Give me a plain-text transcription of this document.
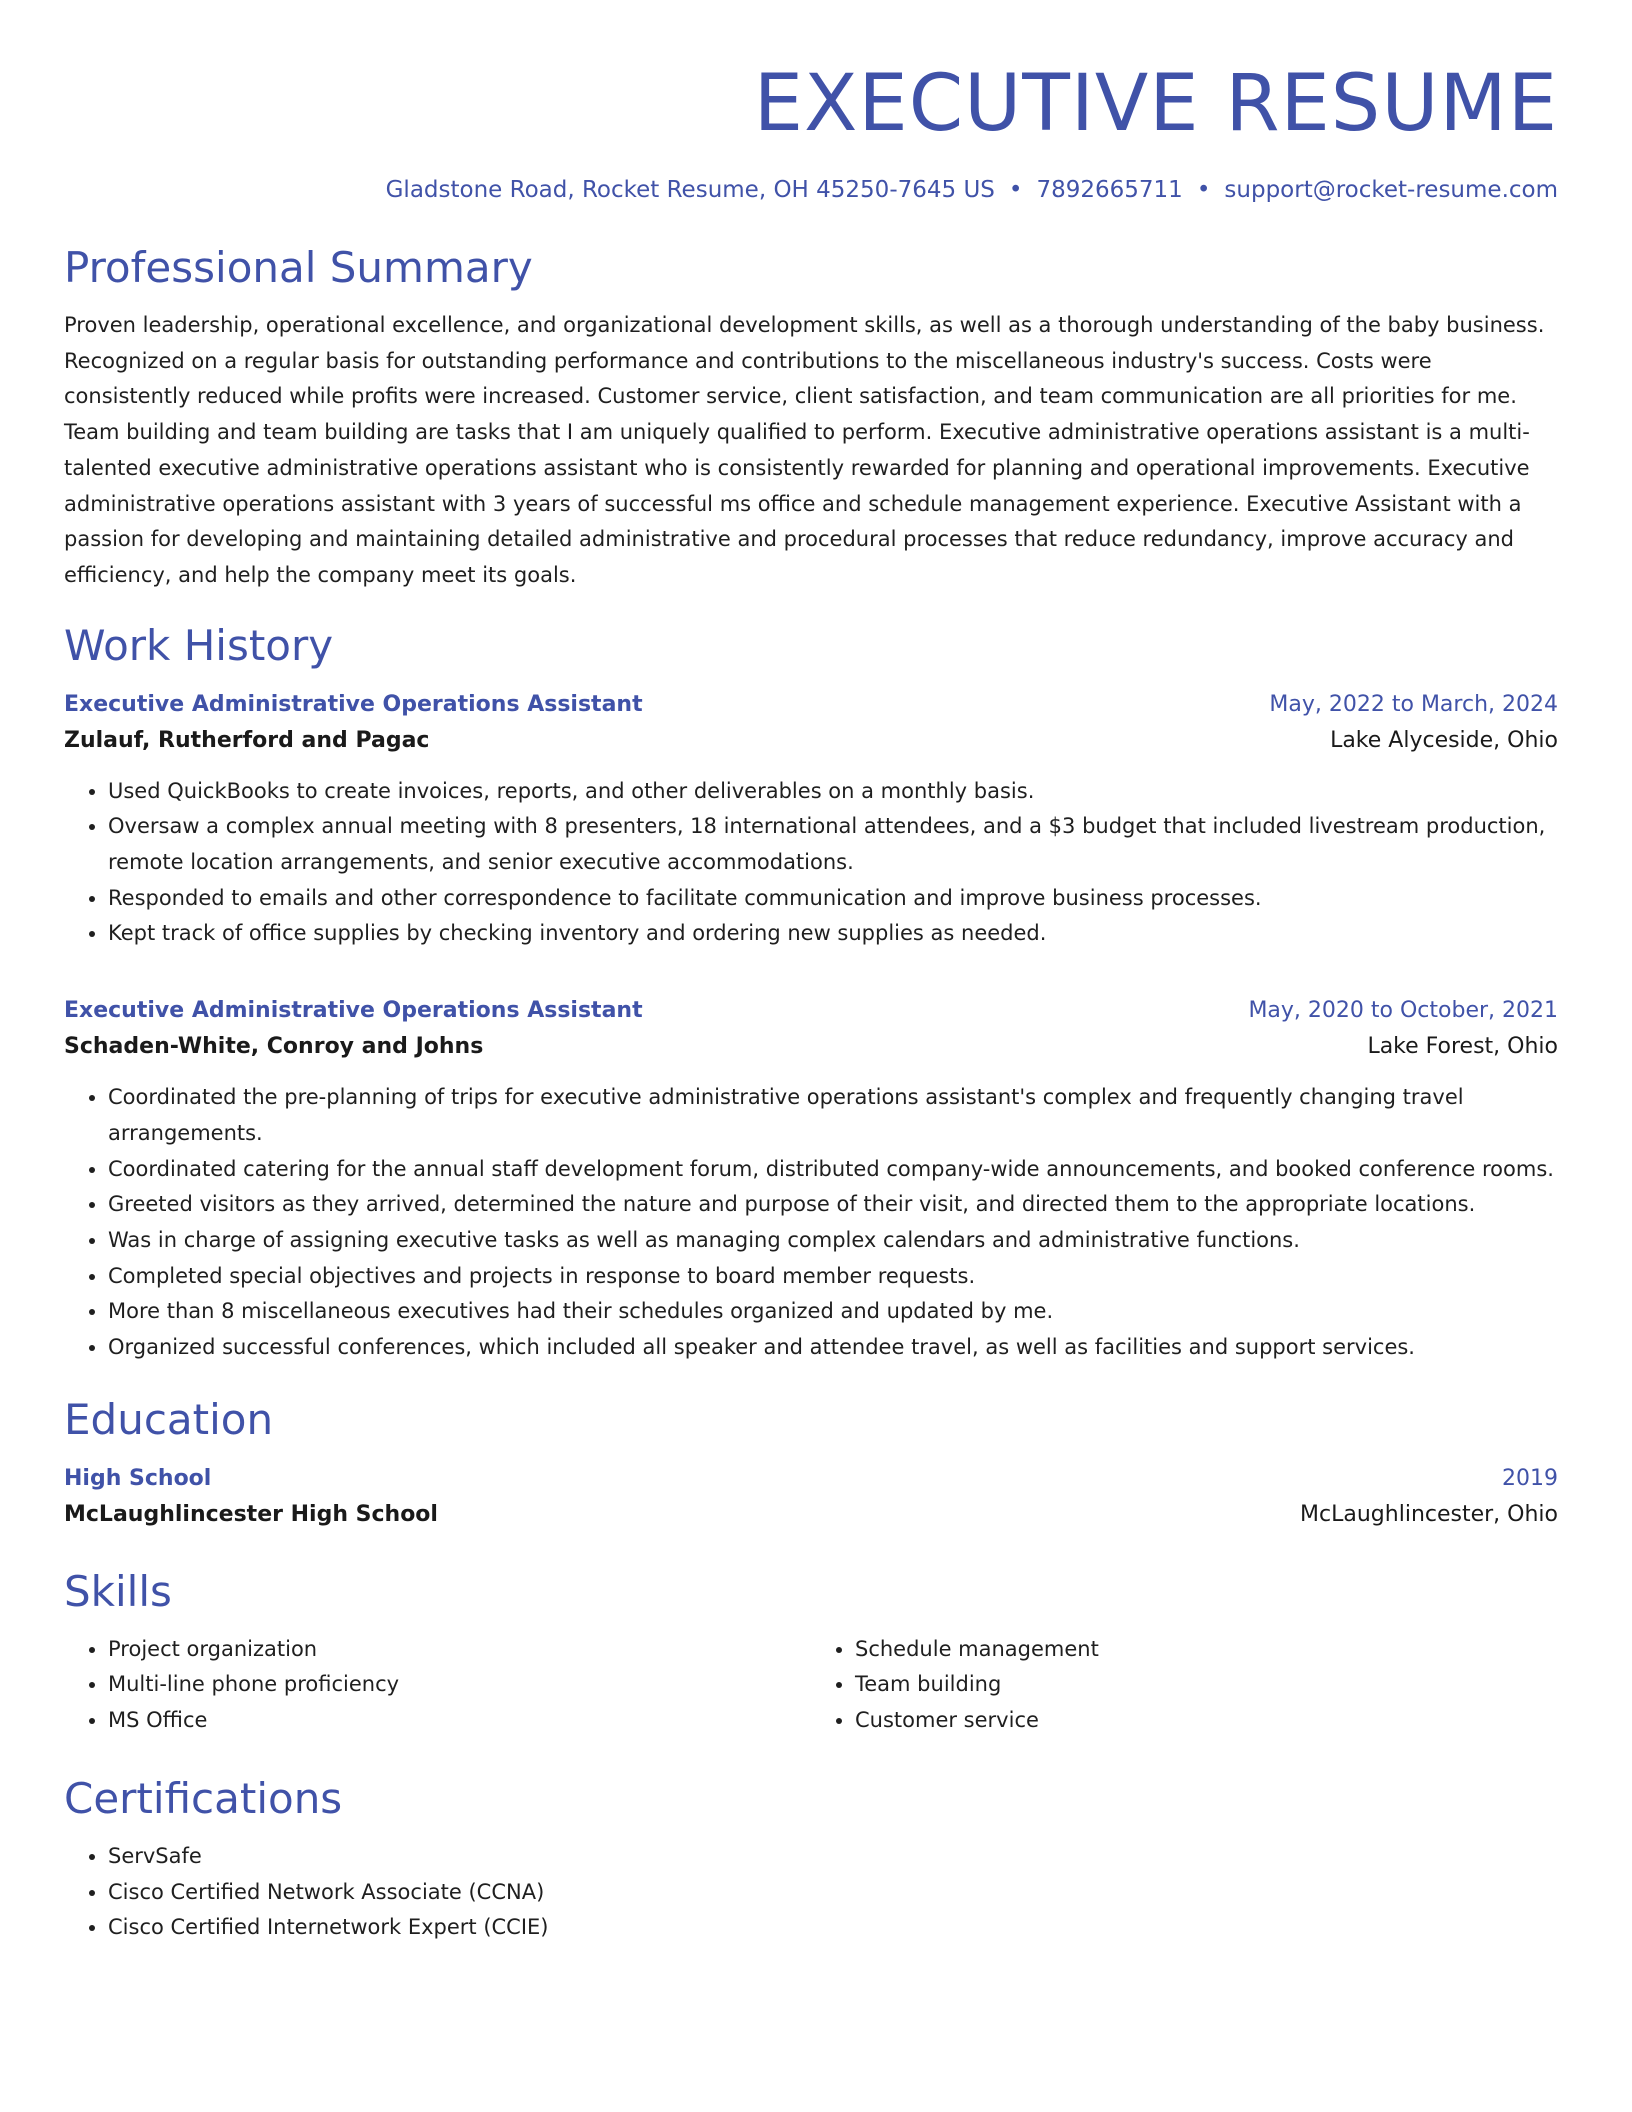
EXECUTIVE RESUME
Gladstone Road, Rocket Resume, OH 45250-7645 US • 7892665711 • support@rocket-resume.com
Professional Summary
Proven leadership, operational excellence, and organizational development skills, as well as a thorough understanding of the baby business. Recognized on a regular basis for outstanding performance and contributions to the miscellaneous industry's success. Costs were consistently reduced while profits were increased. Customer service, client satisfaction, and team communication are all priorities for me. Team building and team building are tasks that I am uniquely qualified to perform. Executive administrative operations assistant is a multi-talented executive administrative operations assistant who is consistently rewarded for planning and operational improvements. Executive administrative operations assistant with 3 years of successful ms office and schedule management experience. Executive Assistant with a passion for developing and maintaining detailed administrative and procedural processes that reduce redundancy, improve accuracy and efficiency, and help the company meet its goals.
Work History
Executive Administrative Operations Assistant	May, 2022 to March, 2024
Zulauf, Rutherford and Pagac	Lake Alyceside, Ohio
• Used QuickBooks to create invoices, reports, and other deliverables on a monthly basis.
• Oversaw a complex annual meeting with 8 presenters, 18 international attendees, and a $3 budget that included livestream production, remote location arrangements, and senior executive accommodations.
• Responded to emails and other correspondence to facilitate communication and improve business processes.
• Kept track of office supplies by checking inventory and ordering new supplies as needed.
Executive Administrative Operations Assistant	May, 2020 to October, 2021
Schaden-White, Conroy and Johns	Lake Forest, Ohio
• Coordinated the pre-planning of trips for executive administrative operations assistant's complex and frequently changing travel arrangements.
• Coordinated catering for the annual staff development forum, distributed company-wide announcements, and booked conference rooms.
• Greeted visitors as they arrived, determined the nature and purpose of their visit, and directed them to the appropriate locations.
• Was in charge of assigning executive tasks as well as managing complex calendars and administrative functions.
• Completed special objectives and projects in response to board member requests.
• More than 8 miscellaneous executives had their schedules organized and updated by me.
• Organized successful conferences, which included all speaker and attendee travel, as well as facilities and support services.
Education
High School	2019
McLaughlincester High School	McLaughlincester, Ohio
Skills
• Project organization
• Multi-line phone proficiency
• MS Office
• Schedule management
• Team building
• Customer service
Certifications
• ServSafe
• Cisco Certified Network Associate (CCNA)
• Cisco Certified Internetwork Expert (CCIE)
